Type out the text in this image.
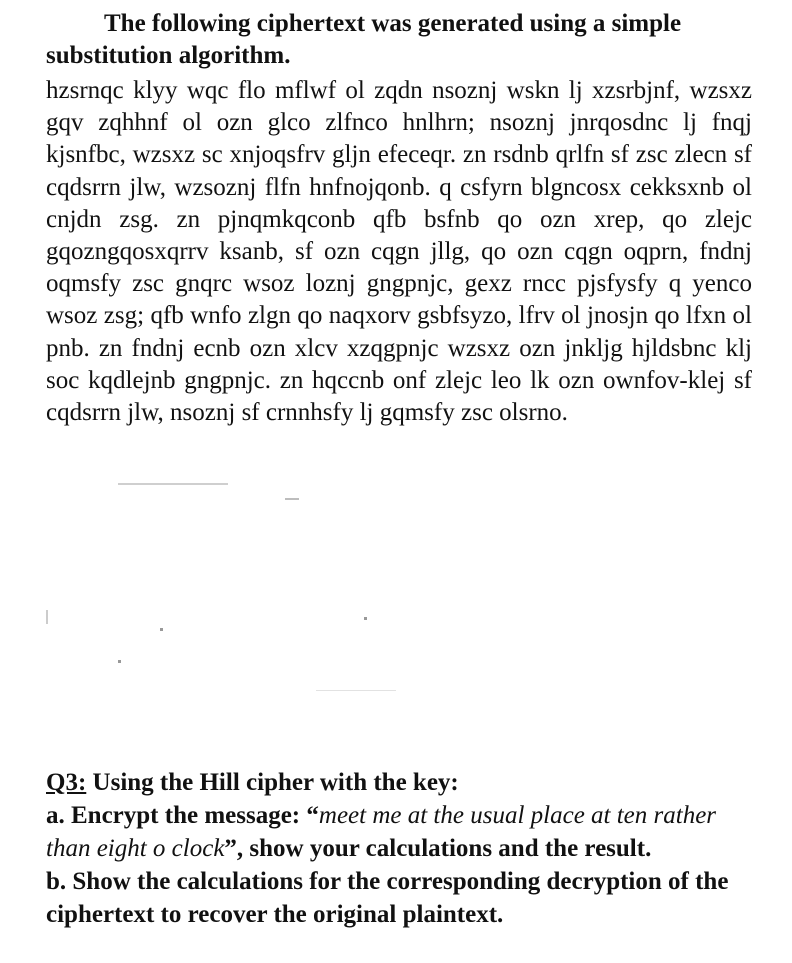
The following ciphertext was generated using a simple substitution algorithm.
hzsrnqc klyy wqc flo mflwf ol zqdn nsoznj wskn lj xzsrbjnf, wzsxz gqv zqhhnf ol ozn glco zlfnco hnlhrn; nsoznj jnrqosdnc lj fnqj kjsnfbc, wzsxz sc xnjoqsfrv gljn efeceqr. zn rsdnb qrlfn sf zsc zlecn sf cqdsrrn jlw, wzsoznj flfn hnfnojqonb. q csfyrn blgncosx cekksxnb ol cnjdn zsg. zn pjnqmkqconb qfb bsfnb qo ozn xrep, qo zlejc gqozngqosxqrrv ksanb, sf ozn cqgn jllg, qo ozn cqgn oqprn, fndnj oqmsfy zsc gnqrc wsoz loznj gngpnjc, gexz rncc pjsfysfy q yenco wsoz zsg; qfb wnfo zlgn qo naqxorv gsbfsyzo, lfrv ol jnosjn qo lfxn ol pnb. zn fndnj ecnb ozn xlcv xzqgpnjc wzsxz ozn jnkljg hjldsbnc klj soc kqdlejnb gngpnjc. zn hqccnb onf zlejc leo lk ozn ownfov-klej sf cqdsrrn jlw, nsoznj sf crnnhsfy lj gqmsfy zsc olsrno.

Q3: Using the Hill cipher with the key:

a. Encrypt the message: “meet me at the usual place at ten rather than eight o clock”, show your calculations and the result.

b. Show the calculations for the corresponding decryption of the ciphertext to recover the original plaintext.
